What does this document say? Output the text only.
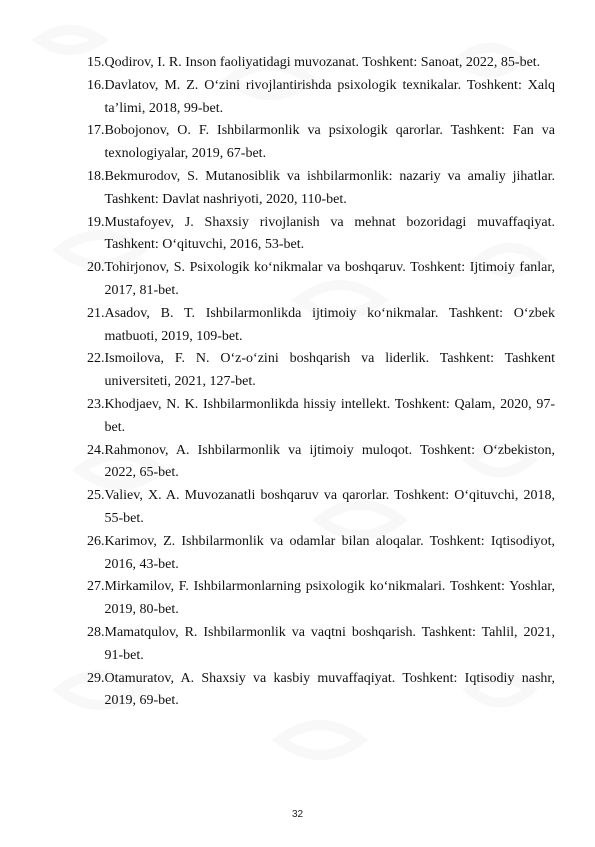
15. Qodirov, I. R. Inson faoliyatidagi muvozanat. Toshkent: Sanoat, 2022, 85-bet.
16. Davlatov, M. Z. O‘zini rivojlantirishda psixologik texnikalar. Toshkent: Xalq ta’limi, 2018, 99-bet.
17. Bobojonov, O. F. Ishbilarmonlik va psixologik qarorlar. Tashkent: Fan va texnologiyalar, 2019, 67-bet.
18. Bekmurodov, S. Mutanosiblik va ishbilarmonlik: nazariy va amaliy jihatlar. Tashkent: Davlat nashriyoti, 2020, 110-bet.
19. Mustafoyev, J. Shaxsiy rivojlanish va mehnat bozoridagi muvaffaqiyat. Tashkent: O‘qituvchi, 2016, 53-bet.
20. Tohirjonov, S. Psixologik ko‘nikmalar va boshqaruv. Toshkent: Ijtimoiy fanlar, 2017, 81-bet.
21. Asadov, B. T. Ishbilarmonlikda ijtimoiy ko‘nikmalar. Tashkent: O‘zbek matbuoti, 2019, 109-bet.
22. Ismoilova, F. N. O‘z-o‘zini boshqarish va liderlik. Tashkent: Tashkent universiteti, 2021, 127-bet.
23. Khodjaev, N. K. Ishbilarmonlikda hissiy intellekt. Toshkent: Qalam, 2020, 97-bet.
24. Rahmonov, A. Ishbilarmonlik va ijtimoiy muloqot. Toshkent: O‘zbekiston, 2022, 65-bet.
25. Valiev, X. A. Muvozanatli boshqaruv va qarorlar. Toshkent: O‘qituvchi, 2018, 55-bet.
26. Karimov, Z. Ishbilarmonlik va odamlar bilan aloqalar. Toshkent: Iqtisodiyot, 2016, 43-bet.
27. Mirkamilov, F. Ishbilarmonlarning psixologik ko‘nikmalari. Toshkent: Yoshlar, 2019, 80-bet.
28. Mamatqulov, R. Ishbilarmonlik va vaqtni boshqarish. Tashkent: Tahlil, 2021, 91-bet.
29. Otamuratov, A. Shaxsiy va kasbiy muvaffaqiyat. Toshkent: Iqtisodiy nashr, 2019, 69-bet.
32
